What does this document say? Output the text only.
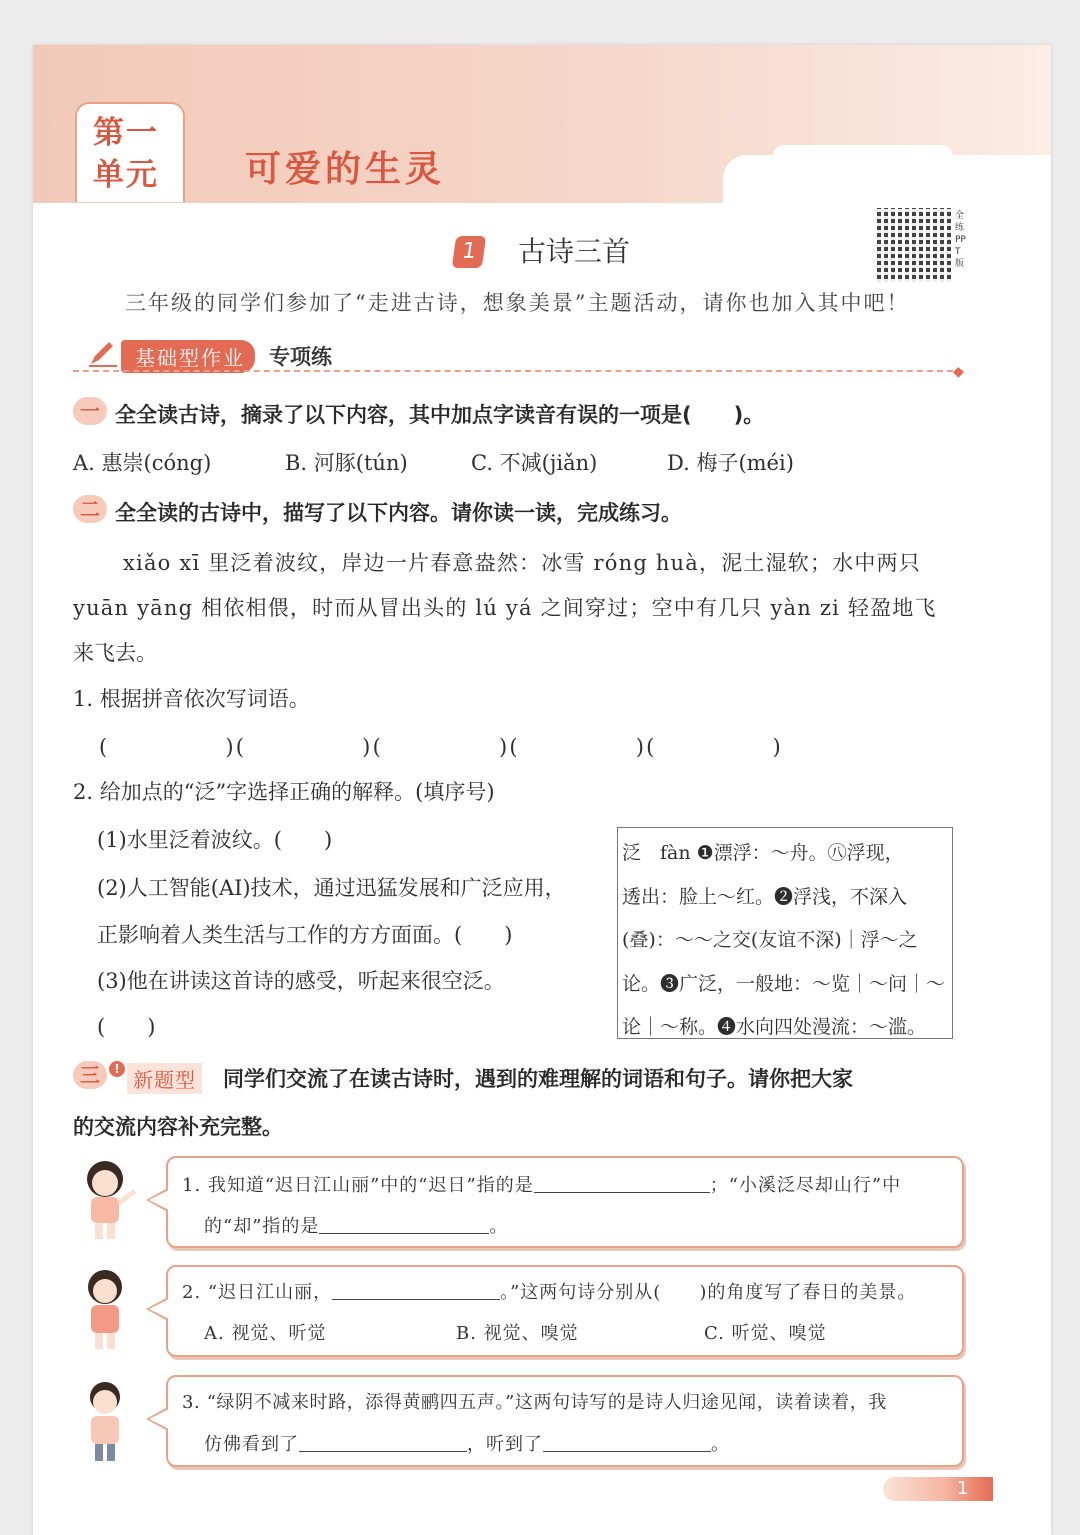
第一
单元	可爱的生灵
1 古诗三首
全练PPT版
三年级的同学们参加了“走进古诗，想象美景”主题活动，请你也加入其中吧！
基础型作业	专项练
◆
一 全全读古诗，摘录了以下内容，其中加点字读音有误的一项是(　　)。
A. 惠崇(cóng)	B. 河豚(tún)	C. 不减(jiǎn)	D. 梅子(méi)
二 全全读的古诗中，描写了以下内容。请你读一读，完成练习。
xiǎo xī 里泛着波纹，岸边一片春意盎然：冰雪 róng huà，泥土湿软；水中两只
yuān yāng 相依相偎，时而从冒出头的 lú yá 之间穿过；空中有几只 yàn zi 轻盈地飞
来飞去。
1. 根据拼音依次写词语。
(　　　　　)(　　　　　)(　　　　　)(　　　　　)(　　　　　)
2. 给加点的“泛”字选择正确的解释。(填序号)
(1)水里泛着波纹。(　　)
(2)人工智能(AI)技术，通过迅猛发展和广泛应用，
正影响着人类生活与工作的方方面面。(　　)
(3)他在讲读这首诗的感受，听起来很空泛。
(　　)
泛　fàn ❶漂浮：～舟。㊇浮现，
透出：脸上～红。❷浮浅，不深入
(叠)：～～之交(友谊不深)｜浮～之
论。❸广泛，一般地：～览｜～问｜～
论｜～称。❹水向四处漫流：～滥。
三	! 新题型 同学们交流了在读古诗时，遇到的难理解的词语和句子。请你把大家
的交流内容补充完整。
1. 我知道“迟日江山丽”中的“迟日”指的是	；“小溪泛尽却山行”中
的“却”指的是	。
2. “迟日江山丽，	。”这两句诗分别从(　　)的角度写了春日的美景。
A. 视觉、听觉	B. 视觉、嗅觉	C. 听觉、嗅觉
3. “绿阴不减来时路，添得黄鹂四五声。”这两句诗写的是诗人归途见闻，读着读着，我
仿佛看到了	，听到了	。
1
